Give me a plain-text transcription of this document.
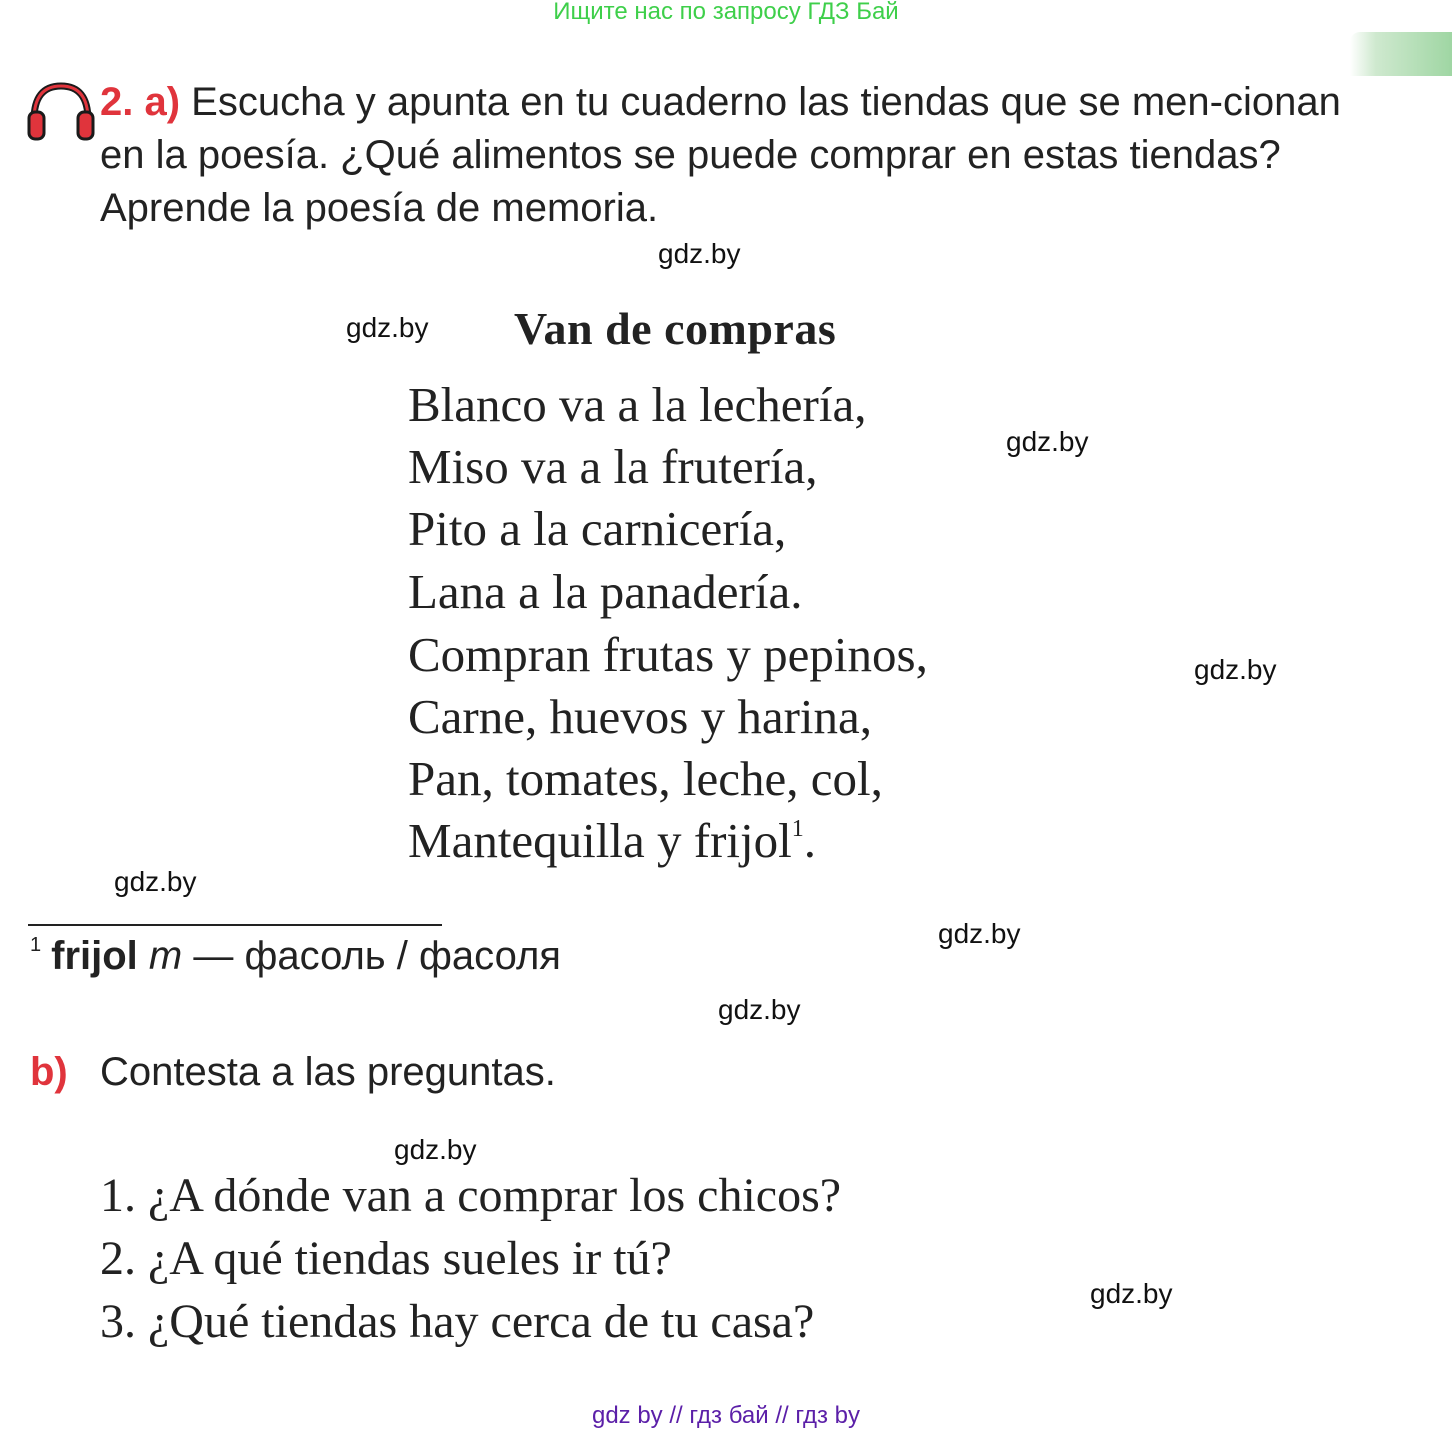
Ищите нас по запросу ГДЗ Бай
2. a) Escucha y apunta en tu cuaderno las tiendas que se men-cionan en la poesía. ¿Qué alimentos se puede comprar en estas tiendas? Aprende la poesía de memoria.
gdz.by
gdz.by
gdz.by
gdz.by
gdz.by
gdz.by
gdz.by
gdz.by
gdz.by
Van de compras
Blanco va a la lechería,
Miso va a la frutería,
Pito a la carnicería,
Lana a la panadería.
Compran frutas y pepinos,
Carne, huevos y harina,
Pan, tomates, leche, col,
Mantequilla y frijol$^1$.
$^1$ frijol m — фасоль / фасоля
b) Contesta a las preguntas.
1. ¿A dónde van a comprar los chicos?
2. ¿A qué tiendas sueles ir tú?
3. ¿Qué tiendas hay cerca de tu casa?
gdz by // гдз бай // гдз by
